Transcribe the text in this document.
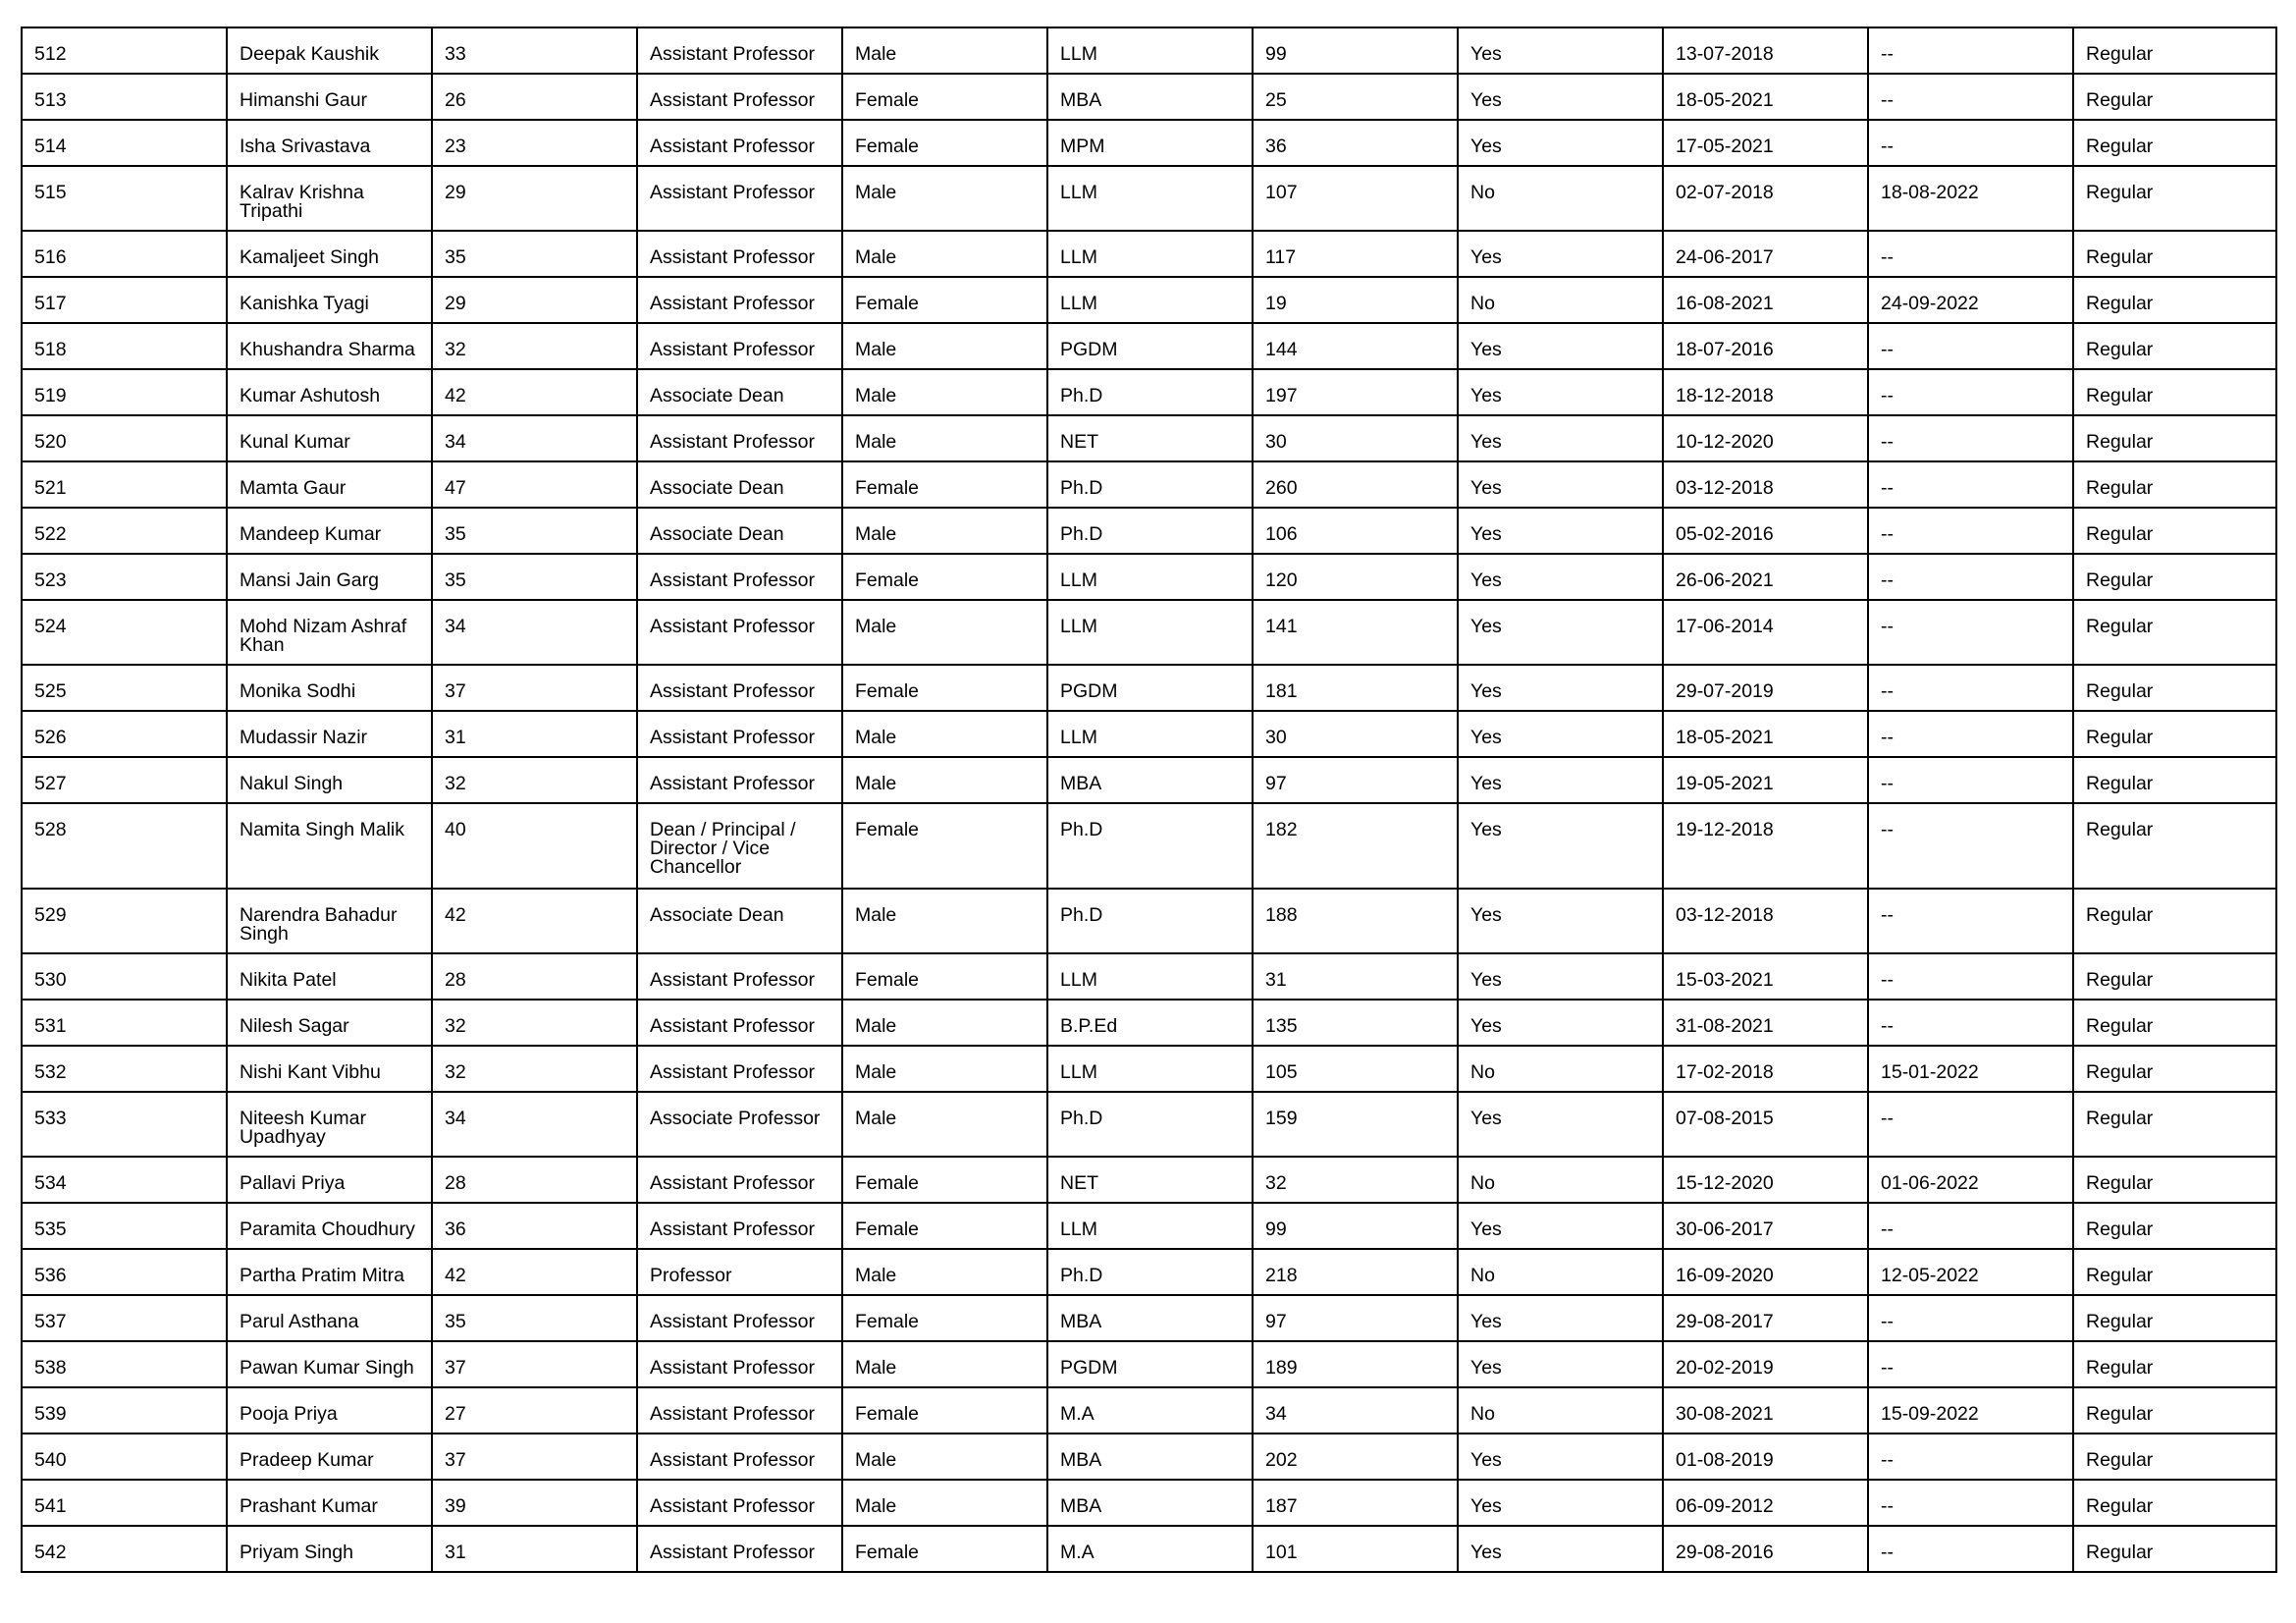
512	Deepak Kaushik	33	Assistant Professor	Male	LLM	99	Yes	13-07-2018	--	Regular
513	Himanshi Gaur	26	Assistant Professor	Female	MBA	25	Yes	18-05-2021	--	Regular
514	Isha Srivastava	23	Assistant Professor	Female	MPM	36	Yes	17-05-2021	--	Regular
515	Kalrav Krishna Tripathi	29	Assistant Professor	Male	LLM	107	No	02-07-2018	18-08-2022	Regular
516	Kamaljeet Singh	35	Assistant Professor	Male	LLM	117	Yes	24-06-2017	--	Regular
517	Kanishka Tyagi	29	Assistant Professor	Female	LLM	19	No	16-08-2021	24-09-2022	Regular
518	Khushandra Sharma	32	Assistant Professor	Male	PGDM	144	Yes	18-07-2016	--	Regular
519	Kumar Ashutosh	42	Associate Dean	Male	Ph.D	197	Yes	18-12-2018	--	Regular
520	Kunal Kumar	34	Assistant Professor	Male	NET	30	Yes	10-12-2020	--	Regular
521	Mamta Gaur	47	Associate Dean	Female	Ph.D	260	Yes	03-12-2018	--	Regular
522	Mandeep Kumar	35	Associate Dean	Male	Ph.D	106	Yes	05-02-2016	--	Regular
523	Mansi Jain Garg	35	Assistant Professor	Female	LLM	120	Yes	26-06-2021	--	Regular
524	Mohd Nizam Ashraf Khan	34	Assistant Professor	Male	LLM	141	Yes	17-06-2014	--	Regular
525	Monika Sodhi	37	Assistant Professor	Female	PGDM	181	Yes	29-07-2019	--	Regular
526	Mudassir Nazir	31	Assistant Professor	Male	LLM	30	Yes	18-05-2021	--	Regular
527	Nakul Singh	32	Assistant Professor	Male	MBA	97	Yes	19-05-2021	--	Regular
528	Namita Singh Malik	40	Dean / Principal / Director / Vice Chancellor	Female	Ph.D	182	Yes	19-12-2018	--	Regular
529	Narendra Bahadur Singh	42	Associate Dean	Male	Ph.D	188	Yes	03-12-2018	--	Regular
530	Nikita Patel	28	Assistant Professor	Female	LLM	31	Yes	15-03-2021	--	Regular
531	Nilesh Sagar	32	Assistant Professor	Male	B.P.Ed	135	Yes	31-08-2021	--	Regular
532	Nishi Kant Vibhu	32	Assistant Professor	Male	LLM	105	No	17-02-2018	15-01-2022	Regular
533	Niteesh Kumar Upadhyay	34	Associate Professor	Male	Ph.D	159	Yes	07-08-2015	--	Regular
534	Pallavi Priya	28	Assistant Professor	Female	NET	32	No	15-12-2020	01-06-2022	Regular
535	Paramita Choudhury	36	Assistant Professor	Female	LLM	99	Yes	30-06-2017	--	Regular
536	Partha Pratim Mitra	42	Professor	Male	Ph.D	218	No	16-09-2020	12-05-2022	Regular
537	Parul Asthana	35	Assistant Professor	Female	MBA	97	Yes	29-08-2017	--	Regular
538	Pawan Kumar Singh	37	Assistant Professor	Male	PGDM	189	Yes	20-02-2019	--	Regular
539	Pooja Priya	27	Assistant Professor	Female	M.A	34	No	30-08-2021	15-09-2022	Regular
540	Pradeep Kumar	37	Assistant Professor	Male	MBA	202	Yes	01-08-2019	--	Regular
541	Prashant Kumar	39	Assistant Professor	Male	MBA	187	Yes	06-09-2012	--	Regular
542	Priyam Singh	31	Assistant Professor	Female	M.A	101	Yes	29-08-2016	--	Regular
